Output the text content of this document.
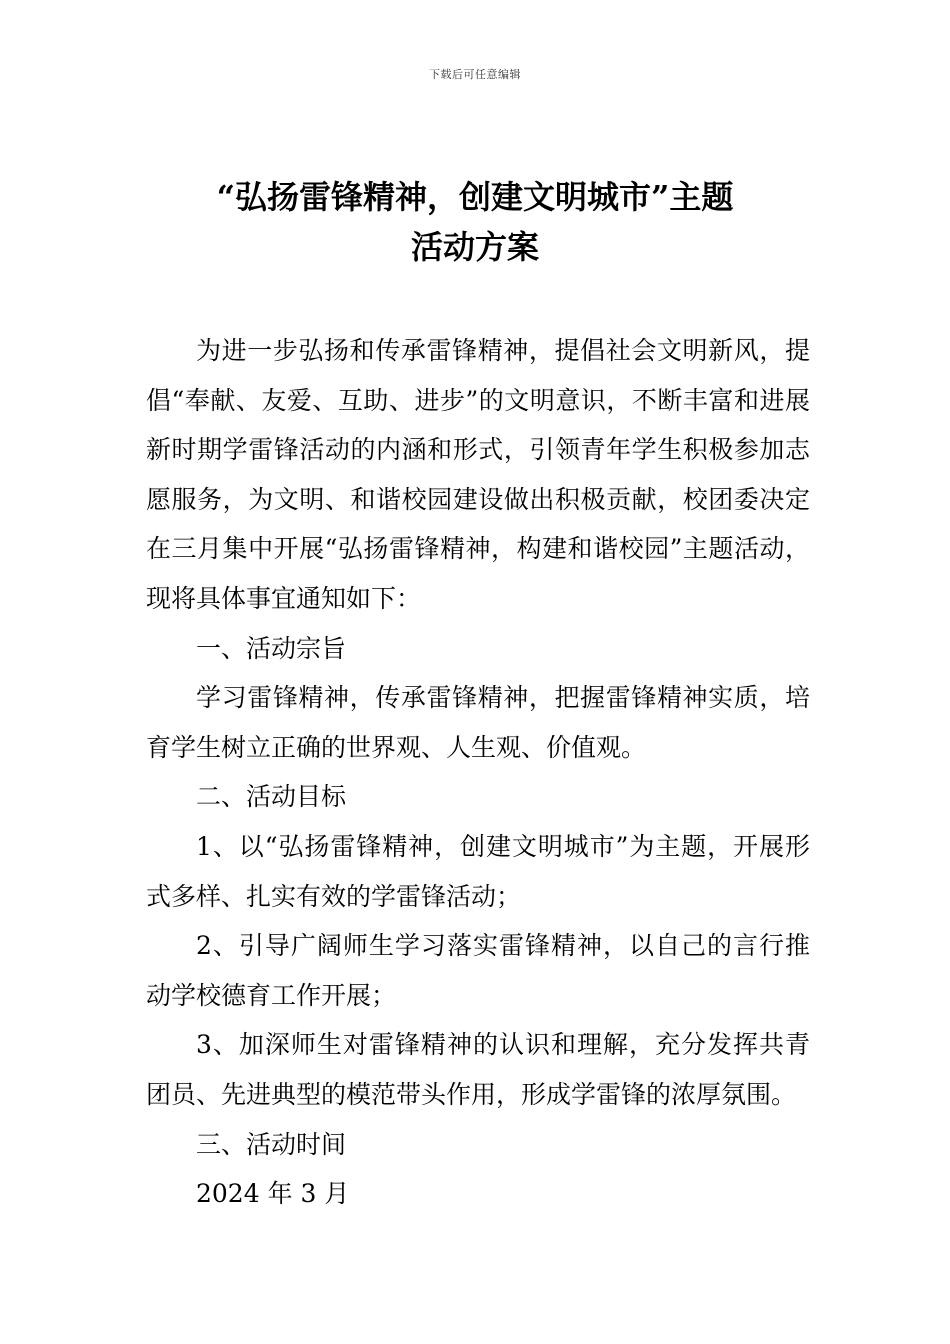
下载后可任意编辑
“弘扬雷锋精神，创建文明城市”主题
活动方案

为进一步弘扬和传承雷锋精神，提倡社会文明新风，提倡“奉献、友爱、互助、进步”的文明意识，不断丰富和进展新时期学雷锋活动的内涵和形式，引领青年学生积极参加志愿服务，为文明、和谐校园建设做出积极贡献，校团委决定在三月集中开展“弘扬雷锋精神，构建和谐校园”主题活动，现将具体事宜通知如下：

一、活动宗旨

学习雷锋精神，传承雷锋精神，把握雷锋精神实质，培育学生树立正确的世界观、人生观、价值观。

二、活动目标

1、以“弘扬雷锋精神，创建文明城市”为主题，开展形式多样、扎实有效的学雷锋活动；

2、引导广阔师生学习落实雷锋精神，以自己的言行推动学校德育工作开展；

3、加深师生对雷锋精神的认识和理解，充分发挥共青团员、先进典型的模范带头作用，形成学雷锋的浓厚氛围。

三、活动时间

2024 年 3 月
